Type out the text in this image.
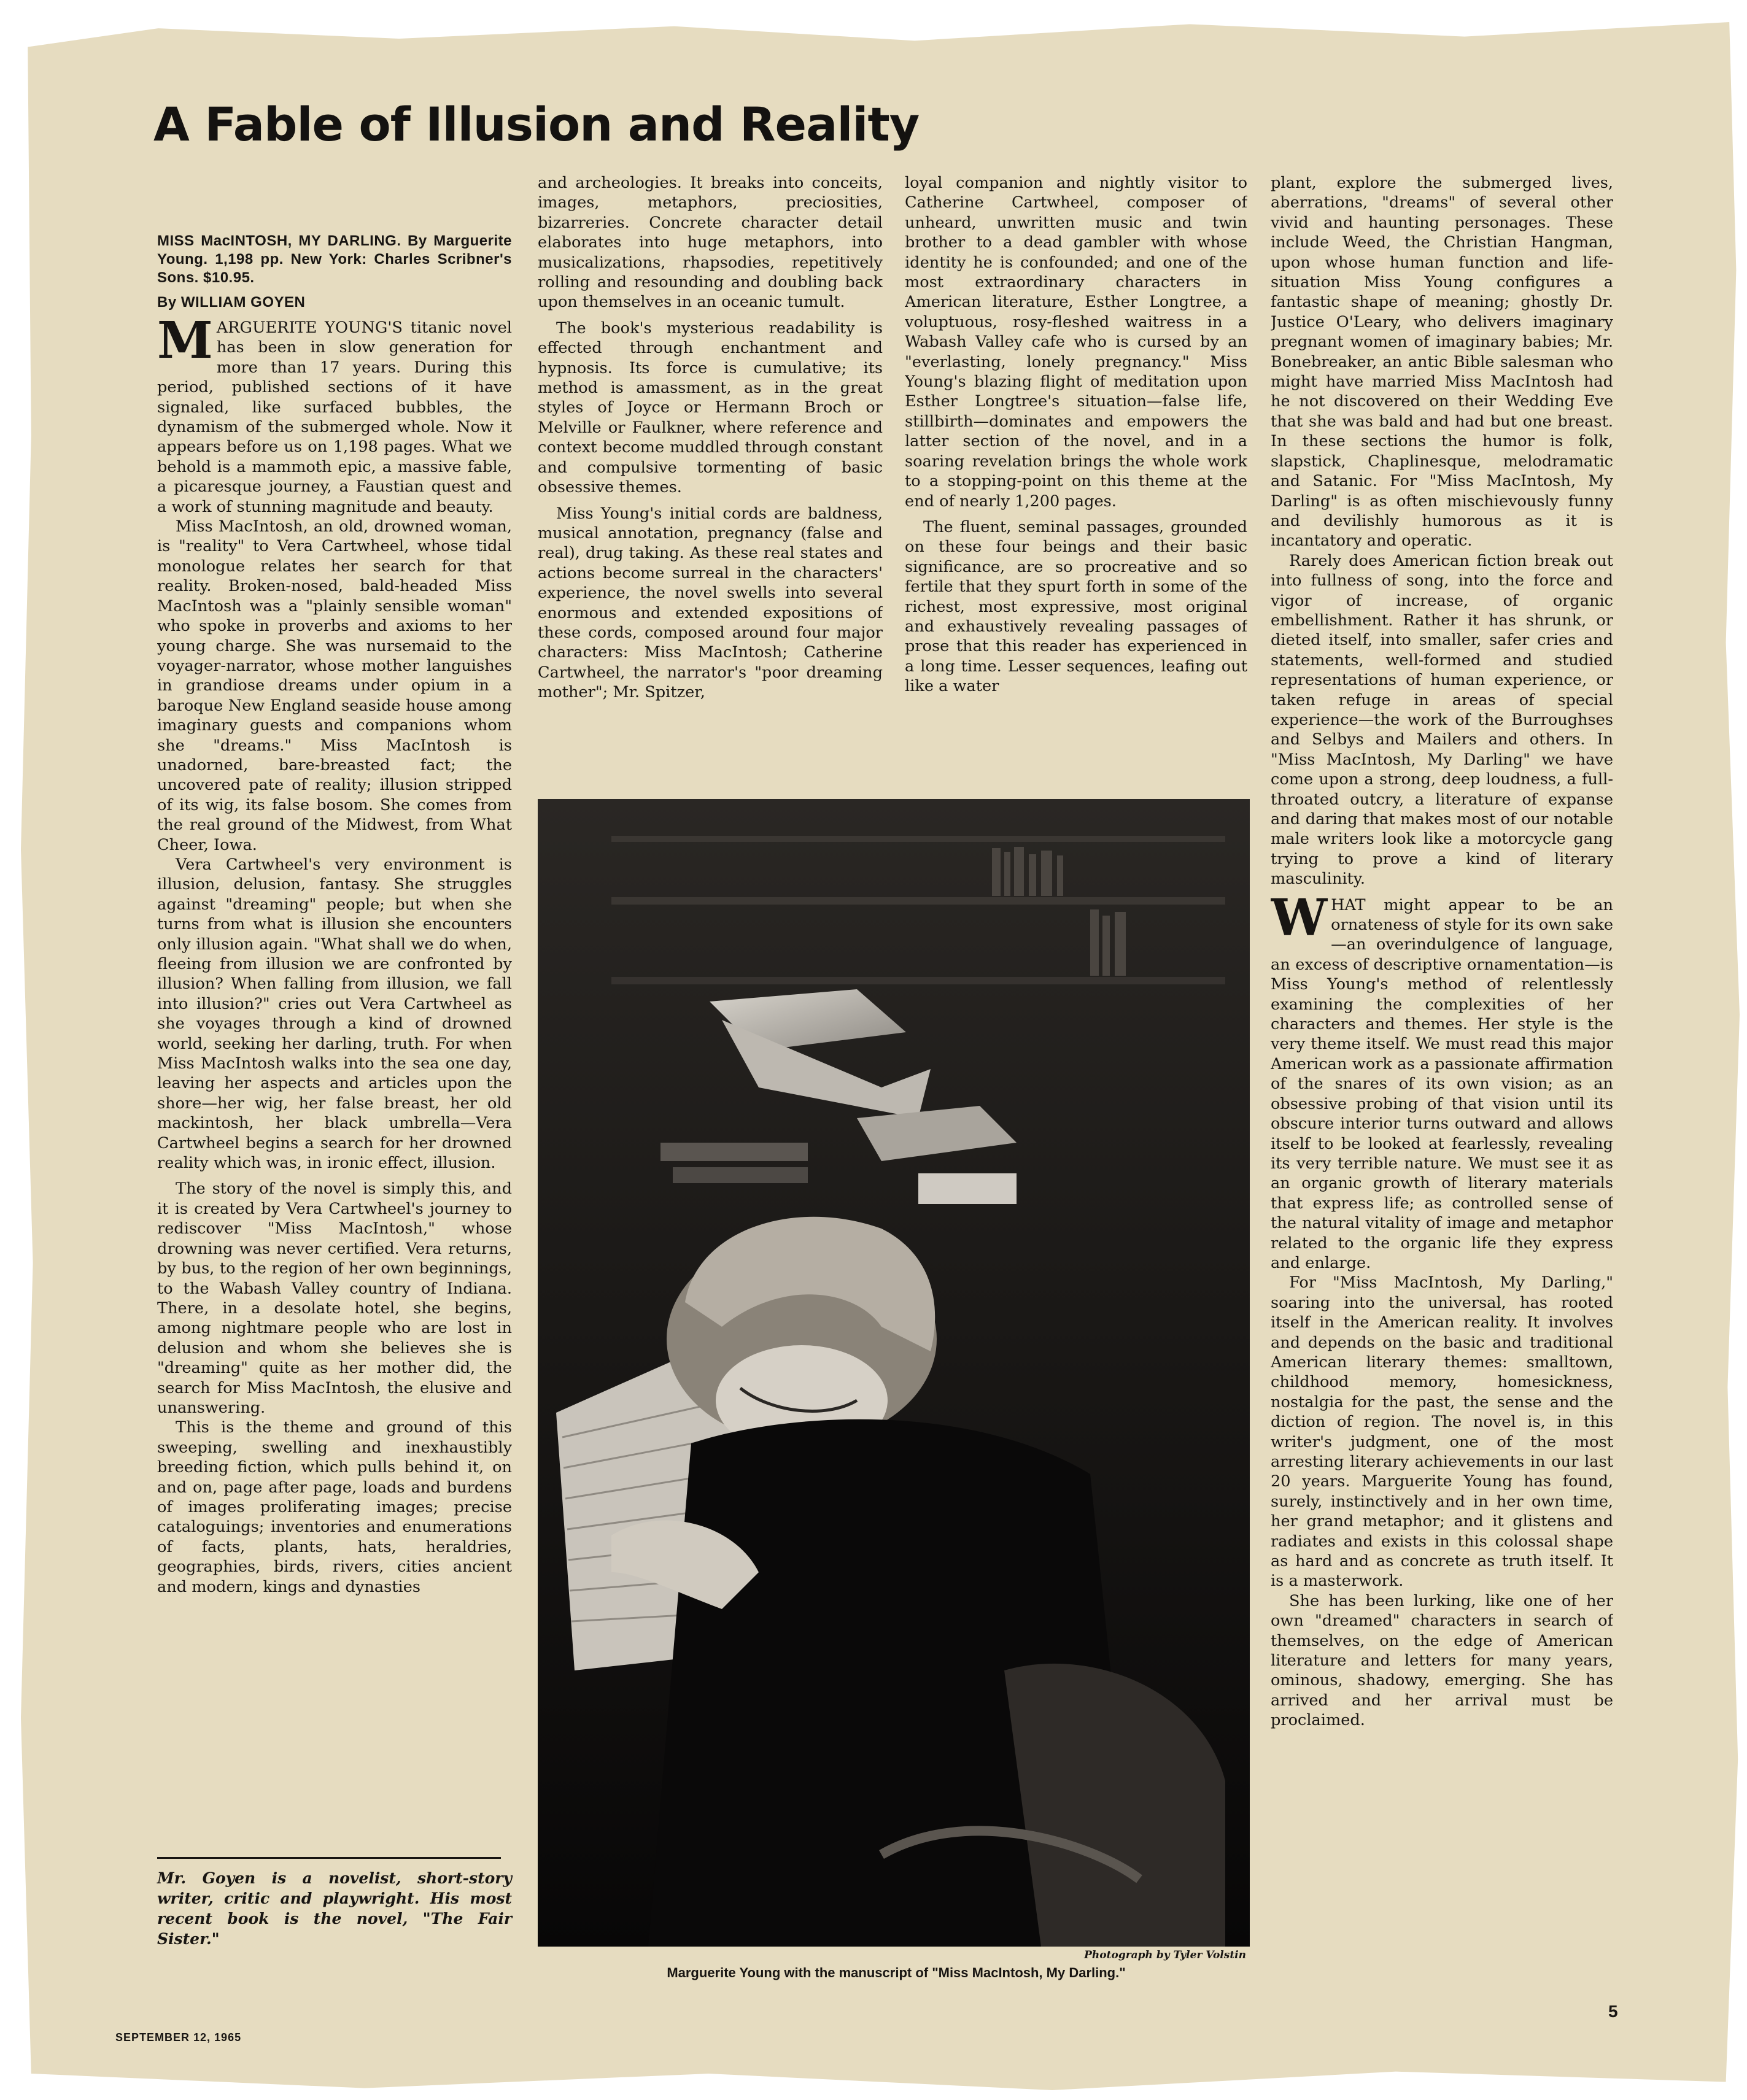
A Fable of Illusion and Reality

MISS MacINTOSH, MY DARLING. By Marguerite Young. 1,198 pp. New York: Charles Scribner's Sons. $10.95.

By WILLIAM GOYEN

MARGUERITE YOUNG'S titanic novel has been in slow generation for more than 17 years. During this period, published sections of it have signaled, like surfaced bubbles, the dynamism of the submerged whole. Now it appears before us on 1,198 pages. What we behold is a mammoth epic, a massive fable, a picaresque journey, a Faustian quest and a work of stunning magnitude and beauty.

Miss MacIntosh, an old, drowned woman, is "reality" to Vera Cartwheel, whose tidal monologue relates her search for that reality. Broken-nosed, bald-headed Miss MacIntosh was a "plainly sensible woman" who spoke in proverbs and axioms to her young charge. She was nursemaid to the voyager-narrator, whose mother languishes in grandiose dreams under opium in a baroque New England seaside house among imaginary guests and companions whom she "dreams." Miss MacIntosh is unadorned, bare-breasted fact; the uncovered pate of reality; illusion stripped of its wig, its false bosom. She comes from the real ground of the Midwest, from What Cheer, Iowa.

Vera Cartwheel's very environment is illusion, delusion, fantasy. She struggles against "dreaming" people; but when she turns from what is illusion she encounters only illusion again. "What shall we do when, fleeing from illusion we are confronted by illusion? When falling from illusion, we fall into illusion?" cries out Vera Cartwheel as she voyages through a kind of drowned world, seeking her darling, truth. For when Miss MacIntosh walks into the sea one day, leaving her aspects and articles upon the shore—her wig, her false breast, her old mackintosh, her black umbrella—Vera Cartwheel begins a search for her drowned reality which was, in ironic effect, illusion.

The story of the novel is simply this, and it is created by Vera Cartwheel's journey to rediscover "Miss MacIntosh," whose drowning was never certified. Vera returns, by bus, to the region of her own beginnings, to the Wabash Valley country of Indiana. There, in a desolate hotel, she begins, among nightmare people who are lost in delusion and whom she believes she is "dreaming" quite as her mother did, the search for Miss MacIntosh, the elusive and unanswering.

This is the theme and ground of this sweeping, swelling and inexhaustibly breeding fiction, which pulls behind it, on and on, page after page, loads and burdens of images proliferating images; precise cataloguings; inventories and enumerations of facts, plants, hats, heraldries, geographies, birds, rivers, cities ancient and modern, kings and dynasties

Mr. Goyen is a novelist, short-story writer, critic and playwright. His most recent book is the novel, "The Fair Sister."

and archeologies. It breaks into conceits, images, metaphors, preciosities, bizarreries. Concrete character detail elaborates into huge metaphors, into musicalizations, rhapsodies, repetitively rolling and resounding and doubling back upon themselves in an oceanic tumult.

The book's mysterious readability is effected through enchantment and hypnosis. Its force is cumulative; its method is amassment, as in the great styles of Joyce or Hermann Broch or Melville or Faulkner, where reference and context become muddled through constant and compulsive tormenting of basic obsessive themes.

Miss Young's initial cords are baldness, musical annotation, pregnancy (false and real), drug taking. As these real states and actions become surreal in the characters' experience, the novel swells into several enormous and extended expositions of these cords, composed around four major characters: Miss MacIntosh; Catherine Cartwheel, the narrator's "poor dreaming mother"; Mr. Spitzer,

loyal companion and nightly visitor to Catherine Cartwheel, composer of unheard, unwritten music and twin brother to a dead gambler with whose identity he is confounded; and one of the most extraordinary characters in American literature, Esther Longtree, a voluptuous, rosy-fleshed waitress in a Wabash Valley cafe who is cursed by an "everlasting, lonely pregnancy." Miss Young's blazing flight of meditation upon Esther Longtree's situation—false life, stillbirth—dominates and empowers the latter section of the novel, and in a soaring revelation brings the whole work to a stopping-point on this theme at the end of nearly 1,200 pages.

The fluent, seminal passages, grounded on these four beings and their basic significance, are so procreative and so fertile that they spurt forth in some of the richest, most expressive, most original and exhaustively revealing passages of prose that this reader has experienced in a long time. Lesser sequences, leafing out like a water

plant, explore the submerged lives, aberrations, "dreams" of several other vivid and haunting personages. These include Weed, the Christian Hangman, upon whose human function and life-situation Miss Young configures a fantastic shape of meaning; ghostly Dr. Justice O'Leary, who delivers imaginary pregnant women of imaginary babies; Mr. Bonebreaker, an antic Bible salesman who might have married Miss MacIntosh had he not discovered on their Wedding Eve that she was bald and had but one breast. In these sections the humor is folk, slapstick, Chaplinesque, melodramatic and Satanic. For "Miss MacIntosh, My Darling" is as often mischievously funny and devilishly humorous as it is incantatory and operatic.

Rarely does American fiction break out into fullness of song, into the force and vigor of increase, of organic embellishment. Rather it has shrunk, or dieted itself, into smaller, safer cries and statements, well-formed and studied representations of human experience, or taken refuge in areas of special experience—the work of the Burroughses and Selbys and Mailers and others. In "Miss MacIntosh, My Darling" we have come upon a strong, deep loudness, a full-throated outcry, a literature of expanse and daring that makes most of our notable male writers look like a motorcycle gang trying to prove a kind of literary masculinity.

WHAT might appear to be an ornateness of style for its own sake—an overindulgence of language, an excess of descriptive ornamentation—is Miss Young's method of relentlessly examining the complexities of her characters and themes. Her style is the very theme itself. We must read this major American work as a passionate affirmation of the snares of its own vision; as an obsessive probing of that vision until its obscure interior turns outward and allows itself to be looked at fearlessly, revealing its very terrible nature. We must see it as an organic growth of literary materials that express life; as controlled sense of the natural vitality of image and metaphor related to the organic life they express and enlarge.

For "Miss MacIntosh, My Darling," soaring into the universal, has rooted itself in the American reality. It involves and depends on the basic and traditional American literary themes: smalltown, childhood memory, homesickness, nostalgia for the past, the sense and the diction of region. The novel is, in this writer's judgment, one of the most arresting literary achievements in our last 20 years. Marguerite Young has found, surely, instinctively and in her own time, her grand metaphor; and it glistens and radiates and exists in this colossal shape as hard and as concrete as truth itself. It is a masterwork.

She has been lurking, like one of her own "dreamed" characters in search of themselves, on the edge of American literature and letters for many years, ominous, shadowy, emerging. She has arrived and her arrival must be proclaimed.

Photograph by Tyler Volstin
Marguerite Young with the manuscript of "Miss MacIntosh, My Darling."
SEPTEMBER 12, 1965
5
